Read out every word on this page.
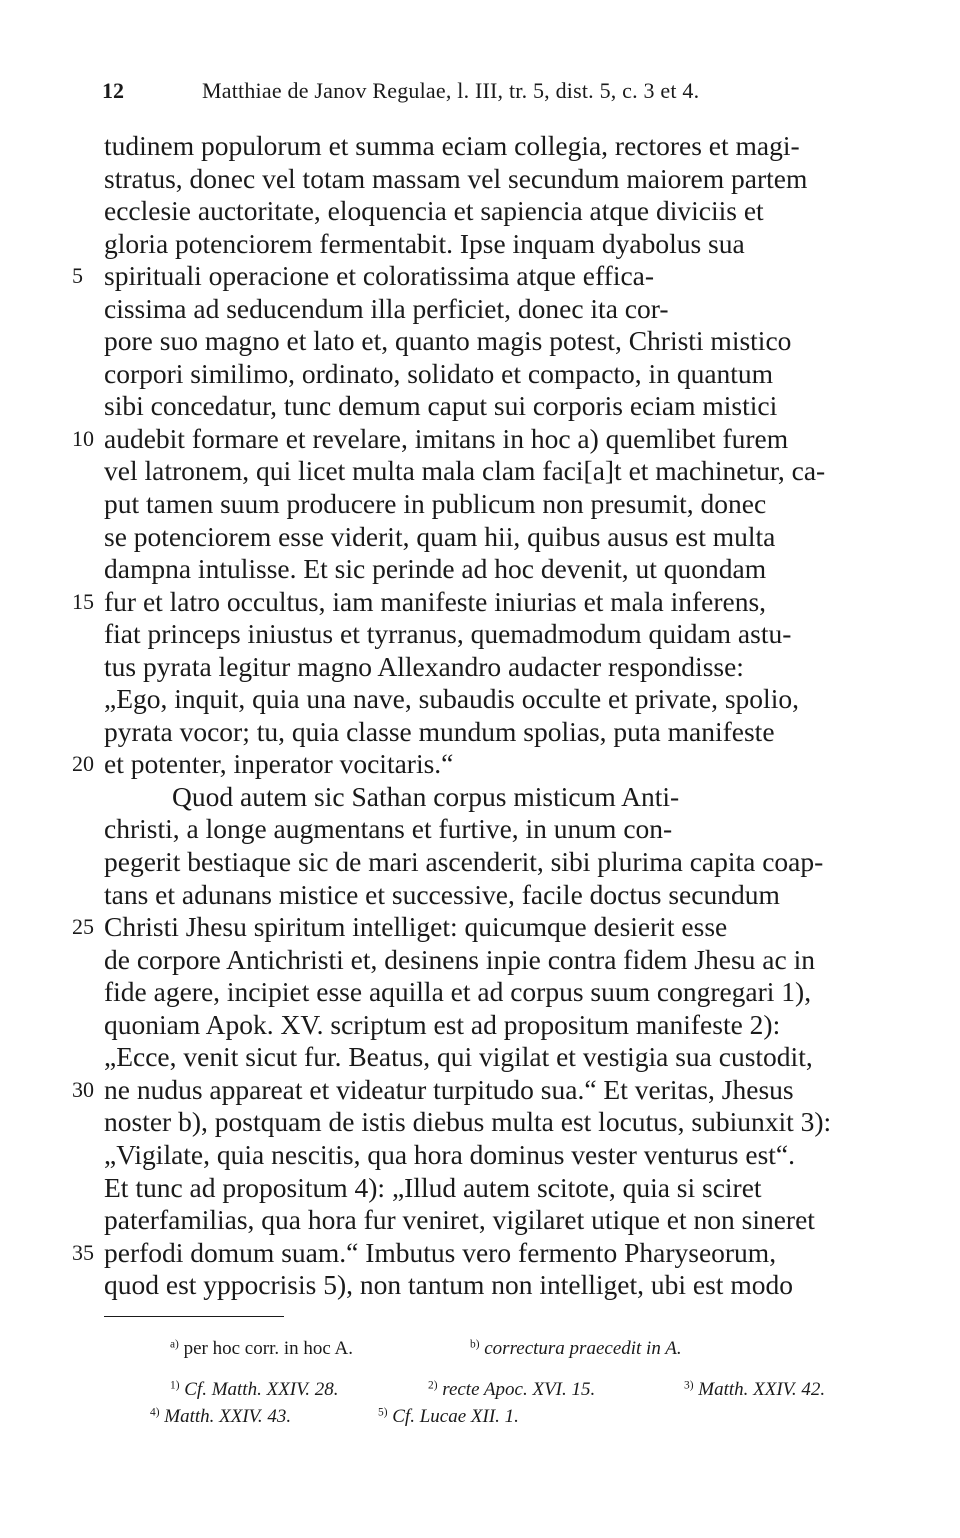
12	Matthiae de Janov Regulae, l. III, tr. 5, dist. 5, c. 3 et 4.
tudinem populorum et summa eciam collegia, rectores et magi-
stratus, donec vel totam massam vel secundum maiorem partem
ecclesie auctoritate, eloquencia et sapiencia atque diviciis et
gloria potenciorem fermentabit. Ipse inquam dyabolus sua
5 spirituali operacione et coloratissima atque effica-
cissima ad seducendum illa perficiet, donec ita cor-
pore suo magno et lato et, quanto magis potest, Christi mistico
corpori similimo, ordinato, solidato et compacto, in quantum
sibi concedatur, tunc demum caput sui corporis eciam mistici
10 audebit formare et revelare, imitans in hoc a) quemlibet furem
vel latronem, qui licet multa mala clam faci[a]t et machinetur, ca-
put tamen suum producere in publicum non presumit, donec
se potenciorem esse viderit, quam hii, quibus ausus est multa
dampna intulisse. Et sic perinde ad hoc devenit, ut quondam
15 fur et latro occultus, iam manifeste iniurias et mala inferens,
fiat princeps iniustus et tyrranus, quemadmodum quidam astu-
tus pyrata legitur magno Allexandro audacter respondisse:
„Ego, inquit, quia una nave, subaudis occulte et private, spolio,
pyrata vocor; tu, quia classe mundum spolias, puta manifeste
20 et potenter, inperator vocitaris.“
Quod autem sic Sathan corpus misticum Anti-
christi, a longe augmentans et furtive, in unum con-
pegerit bestiaque sic de mari ascenderit, sibi plurima capita coap-
tans et adunans mistice et successive, facile doctus secundum
25 Christi Jhesu spiritum intelliget: quicumque desierit esse
de corpore Antichristi et, desinens inpie contra fidem Jhesu ac in
fide agere, incipiet esse aquilla et ad corpus suum congregari 1),
quoniam Apok. XV. scriptum est ad propositum manifeste 2):
„Ecce, venit sicut fur. Beatus, qui vigilat et vestigia sua custodit,
30 ne nudus appareat et videatur turpitudo sua.“ Et veritas, Jhesus
noster b), postquam de istis diebus multa est locutus, subiunxit 3):
„Vigilate, quia nescitis, qua hora dominus vester venturus est“.
Et tunc ad propositum 4): „Illud autem scitote, quia si sciret
paterfamilias, qua hora fur veniret, vigilaret utique et non sineret
35 perfodi domum suam.“ Imbutus vero fermento Pharyseorum,
quod est yppocrisis 5), non tantum non intelliget, ubi est modo
$^{a)}$ per hoc corr. in hoc A.	$^{b)}$ correctura praecedit in A.
$^{1)}$ Cf. Matth. XXIV. 28.	$^{2)}$ recte Apoc. XVI. 15.	$^{3)}$ Matth. XXIV. 42.
$^{4)}$ Matth. XXIV. 43.	$^{5)}$ Cf. Lucae XII. 1.
